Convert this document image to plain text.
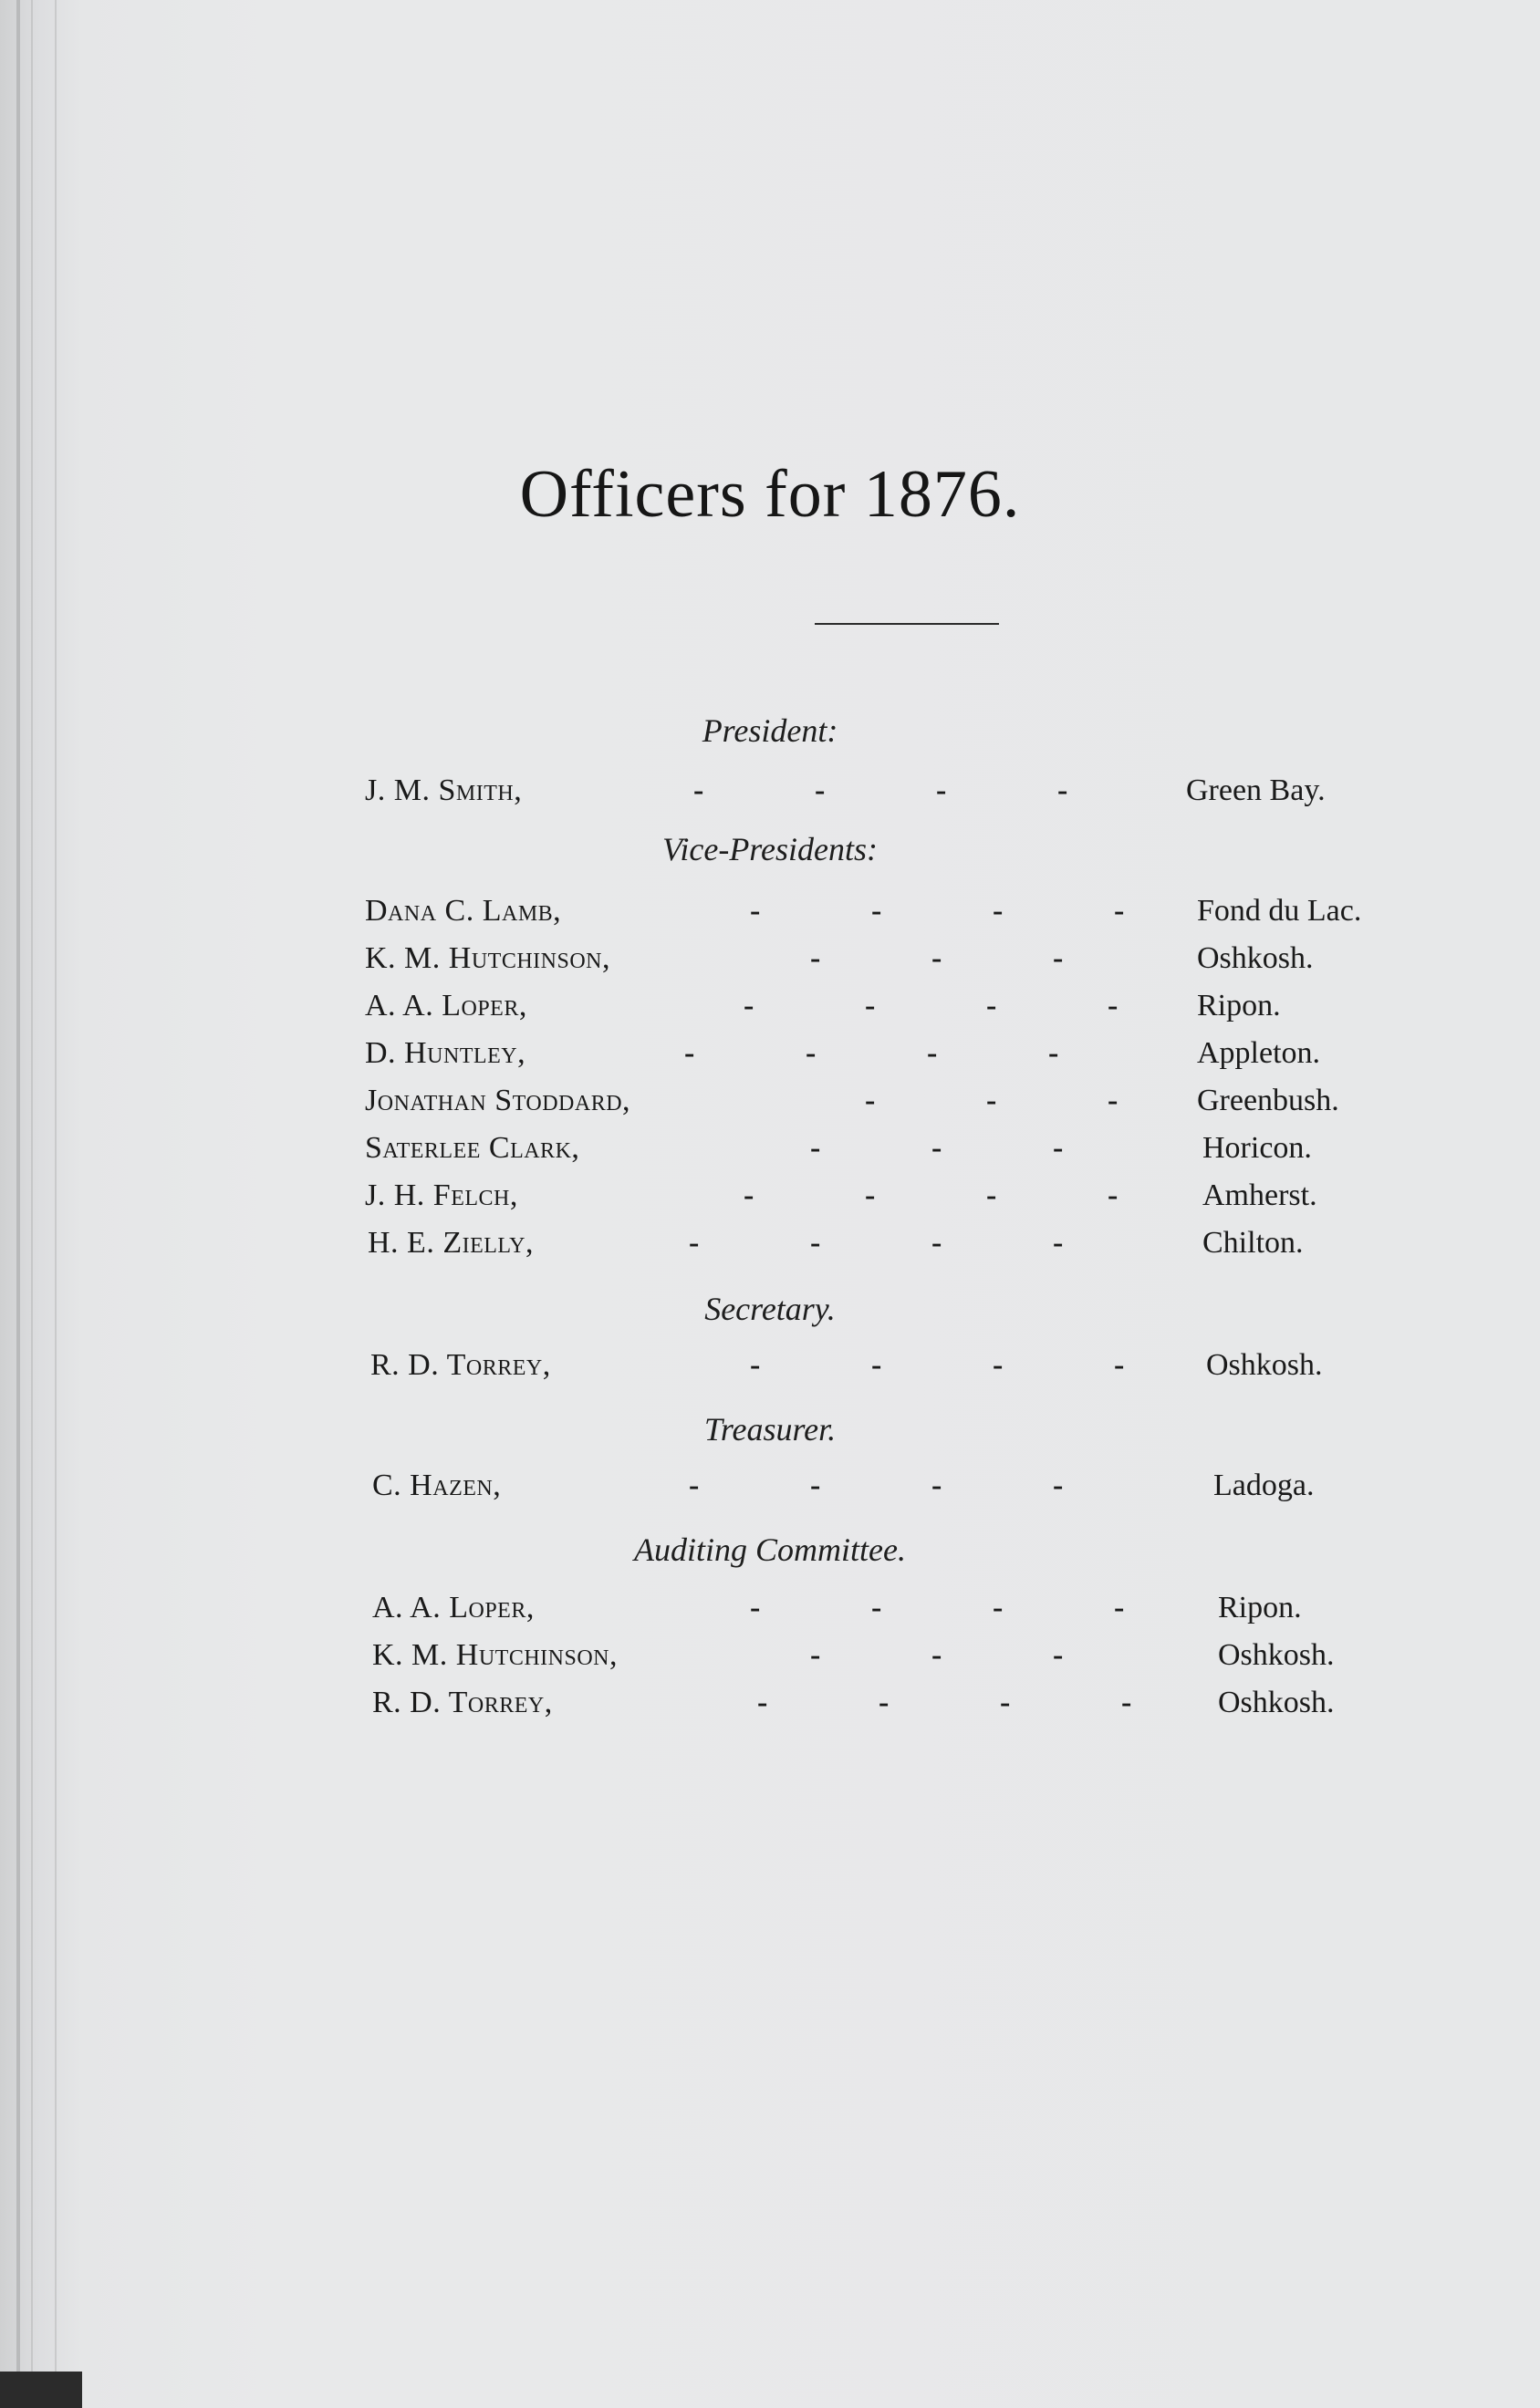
Officers for 1876.
President:
J. M. Smith,	-	-	-	-	Green Bay.
Vice-Presidents:
Dana C. Lamb,	-	-	-	- Fond du Lac.
K. M. Hutchinson,	-	-	-	Oshkosh.
A. A. Loper,	-	-	-	-	Ripon.
D. Huntley,	-	-	-	-	Appleton.
Jonathan Stoddard,	-	-	-	Greenbush.
Saterlee Clark,	-	-	-	Horicon.
J. H. Felch,	-	-	-	-	Amherst.
H. E. Zielly,	-	-	-	-	Chilton.
Secretary.
R. D. Torrey,	-	-	-	-	Oshkosh.
Treasurer.
C. Hazen,	-	-	-	-	Ladoga.
Auditing Committee.
A. A. Loper,	-	-	-	-	Ripon.
K. M. Hutchinson,	-	-	-	Oshkosh.
R. D. Torrey,	-	-	-	-	Oshkosh.
